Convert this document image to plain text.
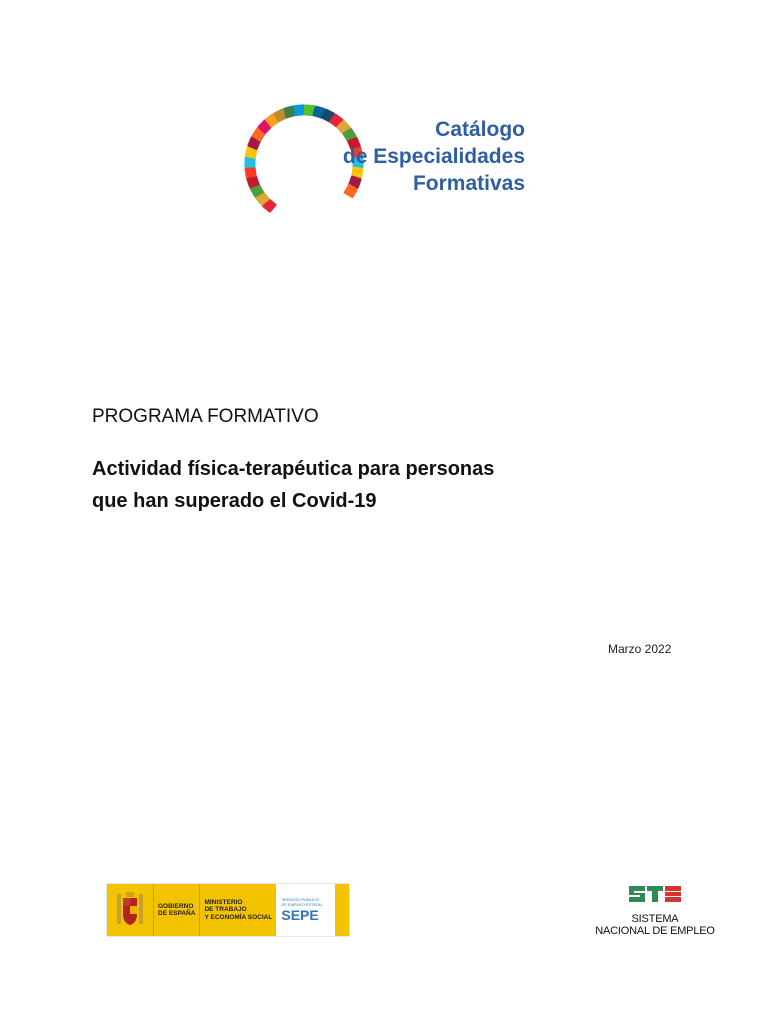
Catálogo
de Especialidades
Formativas
PROGRAMA FORMATIVO
Actividad física-terapéutica para personas
que han superado el Covid-19
Marzo 2022
GOBIERNO
DE ESPAÑA
MINISTERIO
DE TRABAJO
Y ECONOMÍA SOCIAL
SERVICIO PÚBLICO
DE EMPLEO ESTATAL
SEPE	SISTEMA
NACIONAL DE EMPLEO
